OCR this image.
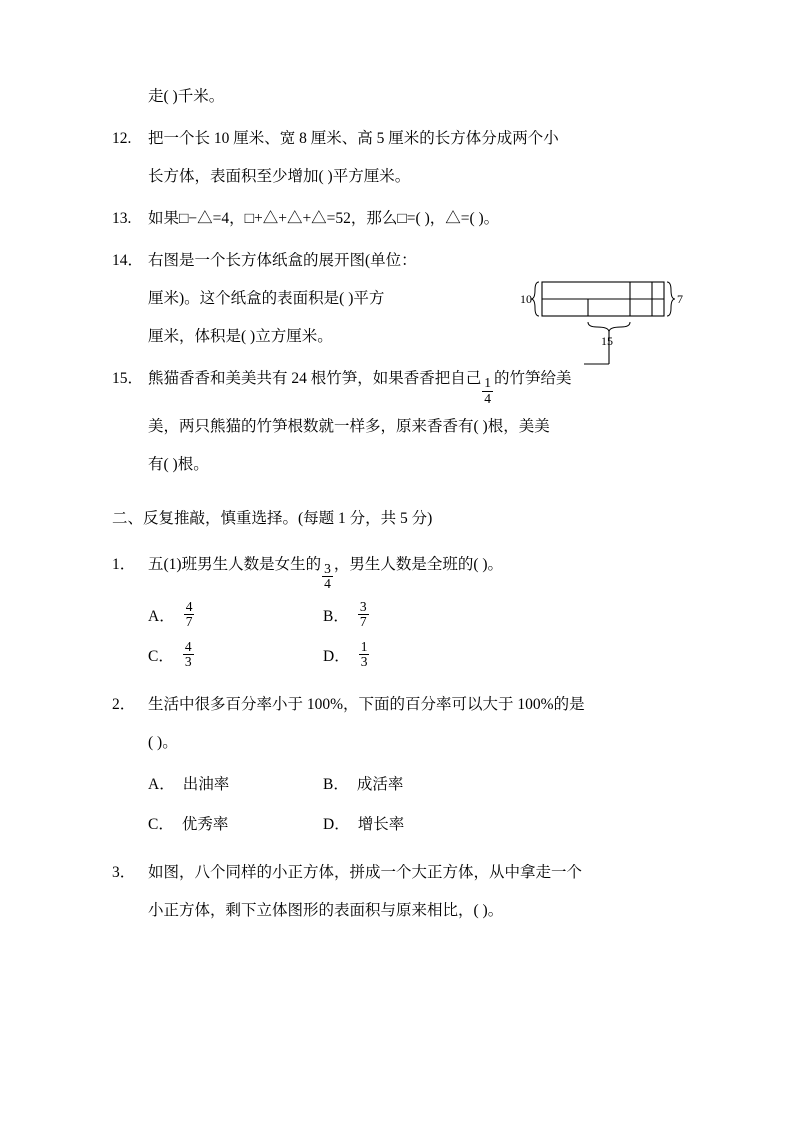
走( )千米。
12.	把一个长 10 厘米、宽 8 厘米、高 5 厘米的长方体分成两个小
长方体，表面积至少增加( )平方厘米。
13.	如果□−△=4，□+△+△+△=52，那么□=( )，△=( )。
14． 右图是一个长方体纸盒的展开图(单位：
厘米)。这个纸盒的表面积是( )平方
厘米，体积是( )立方厘米。
15． 熊猫香香和美美共有 24 根竹笋，如果香香把自己 $\frac{1}{4}$ 的竹笋给美
美，两只熊猫的竹笋根数就一样多，原来香香有( )根，美美
有( )根。
二、反复推敲，慎重选择。(每题 1 分，共 5 分)
1． 五(1)班男生人数是女生的 $\frac{3}{4}$ ，男生人数是全班的( )。
A． $\frac{4}{7}$	B． $\frac{3}{7}$
C． $\frac{4}{3}$	D． $\frac{1}{3}$
2． 生活中很多百分率小于 100%，下面的百分率可以大于 100%的是
( )。
A． 出油率	B． 成活率
C． 优秀率	D． 增长率
3． 如图，八个同样的小正方体，拼成一个大正方体，从中拿走一个
小正方体，剩下立体图形的表面积与原来相比，( )。
10	7
15
